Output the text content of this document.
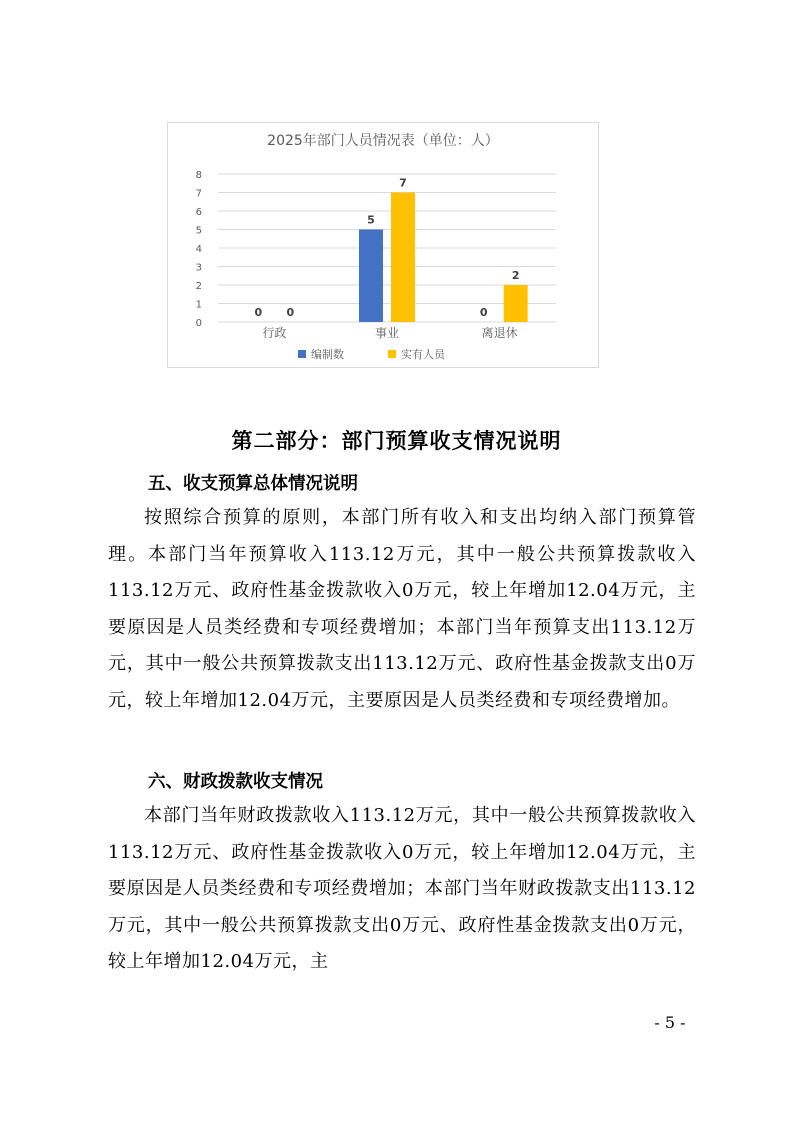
2025年部门人员情况表（单位：人）
0
1
2
3
4
5
6
7
8
行政
0 0
事业
5
7
离退休
0
2
编制数	实有人员
第二部分：部门预算收支情况说明
五、收支预算总体情况说明

按照综合预算的原则，本部门所有收入和支出均纳入部门预算管理。本部门当年预算收入113.12万元，其中一般公共预算拨款收入113.12万元、政府性基金拨款收入0万元，较上年增加12.04万元，主要原因是人员类经费和专项经费增加；本部门当年预算支出113.12万元，其中一般公共预算拨款支出113.12万元、政府性基金拨款支出0万元，较上年增加12.04万元，主要原因是人员类经费和专项经费增加。

六、财政拨款收支情况

本部门当年财政拨款收入113.12万元，其中一般公共预算拨款收入113.12万元、政府性基金拨款收入0万元，较上年增加12.04万元，主要原因是人员类经费和专项经费增加；本部门当年财政拨款支出113.12万元，其中一般公共预算拨款支出0万元、政府性基金拨款支出0万元，较上年增加12.04万元，主

- 5 -
